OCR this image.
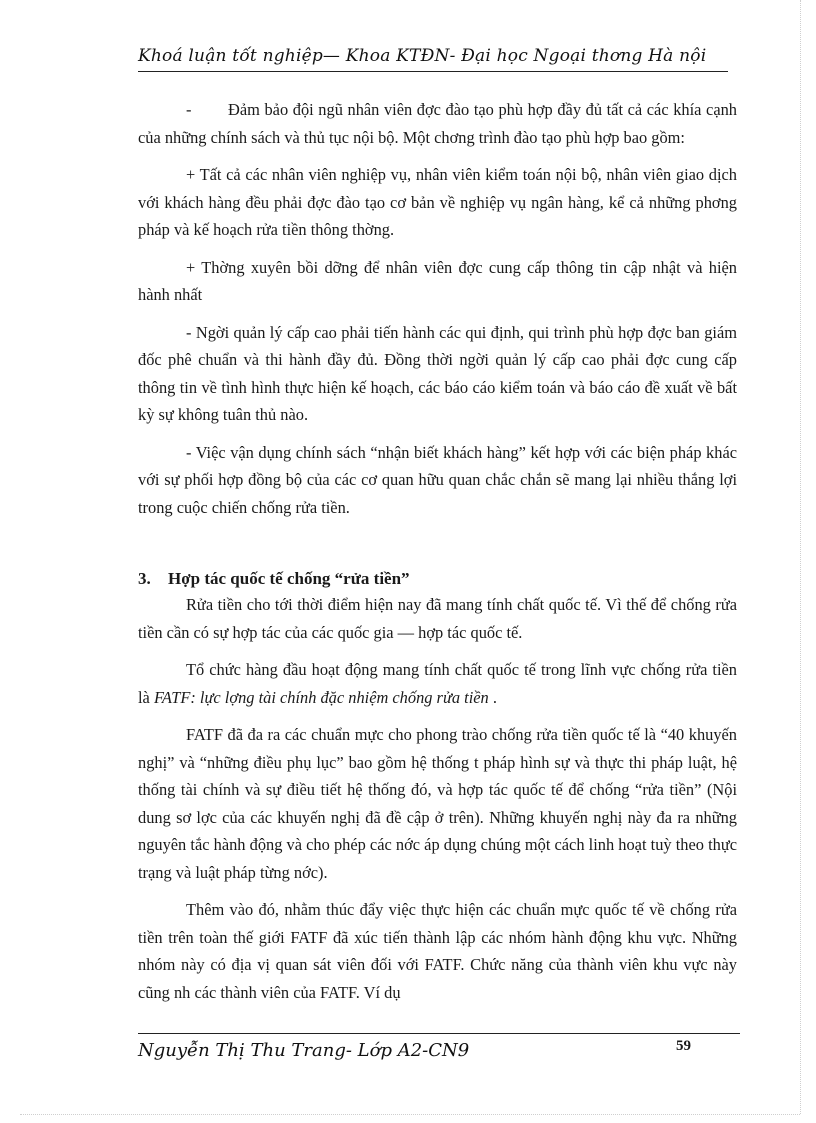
Khoá luận tốt nghiệp— Khoa KTĐN- Đại học Ngoại thơng Hà nội

- Đảm bảo đội ngũ nhân viên đợc đào tạo phù hợp đầy đủ tất cả các khía cạnh của những chính sách và thủ tục nội bộ. Một chơng trình đào tạo phù hợp bao gồm:

+ Tất cả các nhân viên nghiệp vụ, nhân viên kiểm toán nội bộ, nhân viên giao dịch với khách hàng đều phải đợc đào tạo cơ bản về nghiệp vụ ngân hàng, kể cả những phơng pháp và kế hoạch rửa tiền thông thờng.

+ Thờng xuyên bồi dỡng để nhân viên đợc cung cấp thông tin cập nhật và hiện hành nhất

- Ngời quản lý cấp cao phải tiến hành các qui định, qui trình phù hợp đợc ban giám đốc phê chuẩn và thi hành đầy đủ. Đồng thời ngời quản lý cấp cao phải đợc cung cấp thông tin về tình hình thực hiện kế hoạch, các báo cáo kiểm toán và báo cáo đề xuất về bất kỳ sự không tuân thủ nào.

- Việc vận dụng chính sách “nhận biết khách hàng” kết hợp với các biện pháp khác với sự phối hợp đồng bộ của các cơ quan hữu quan chắc chắn sẽ mang lại nhiều thắng lợi trong cuộc chiến chống rửa tiền.

3. Hợp tác quốc tế chống “rửa tiền”

Rửa tiền cho tới thời điểm hiện nay đã mang tính chất quốc tế. Vì thế để chống rửa tiền cần có sự hợp tác của các quốc gia — hợp tác quốc tế.

Tổ chức hàng đầu hoạt động mang tính chất quốc tế trong lĩnh vực chống rửa tiền là FATF: lực lợng tài chính đặc nhiệm chống rửa tiền .

FATF đã đa ra các chuẩn mực cho phong trào chống rửa tiền quốc tế là “40 khuyến nghị” và “những điều phụ lục” bao gồm hệ thống t pháp hình sự và thực thi pháp luật, hệ thống tài chính và sự điều tiết hệ thống đó, và hợp tác quốc tế để chống “rửa tiền” (Nội dung sơ lợc của các khuyến nghị đã đề cập ở trên). Những khuyến nghị này đa ra những nguyên tắc hành động và cho phép các nớc áp dụng chúng một cách linh hoạt tuỳ theo thực trạng và luật pháp từng nớc).

Thêm vào đó, nhằm thúc đẩy việc thực hiện các chuẩn mực quốc tế về chống rửa tiền trên toàn thế giới FATF đã xúc tiến thành lập các nhóm hành động khu vực. Những nhóm này có địa vị quan sát viên đối với FATF. Chức năng của thành viên khu vực này cũng nh các thành viên của FATF. Ví dụ

Nguyễn Thị Thu Trang- Lớp A2-CN9	59
